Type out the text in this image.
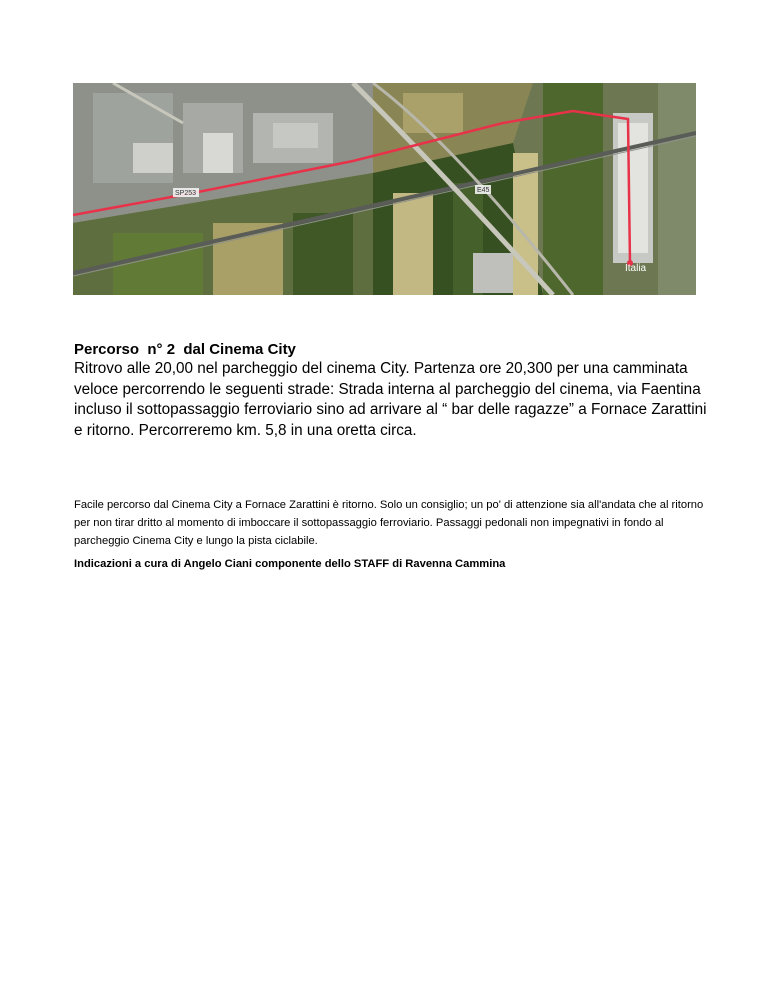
SP253	E45
Italia
Percorso  n° 2  dal Cinema City
Ritrovo alle 20,00 nel parcheggio del cinema City. Partenza ore 20,300 per una camminata veloce percorrendo le seguenti strade: Strada interna al parcheggio del cinema, via Faentina incluso il sottopassaggio ferroviario sino ad arrivare al “ bar delle ragazze” a Fornace Zarattini e ritorno. Percorreremo km. 5,8 in una oretta circa.
Facile percorso dal Cinema City a Fornace Zarattini è ritorno. Solo un consiglio; un po' di attenzione sia all'andata che al ritorno per non tirar dritto al momento di imboccare il sottopassaggio ferroviario. Passaggi pedonali non impegnativi in fondo al parcheggio Cinema City e lungo la pista ciclabile.
Indicazioni a cura di Angelo Ciani componente dello STAFF di Ravenna Cammina
